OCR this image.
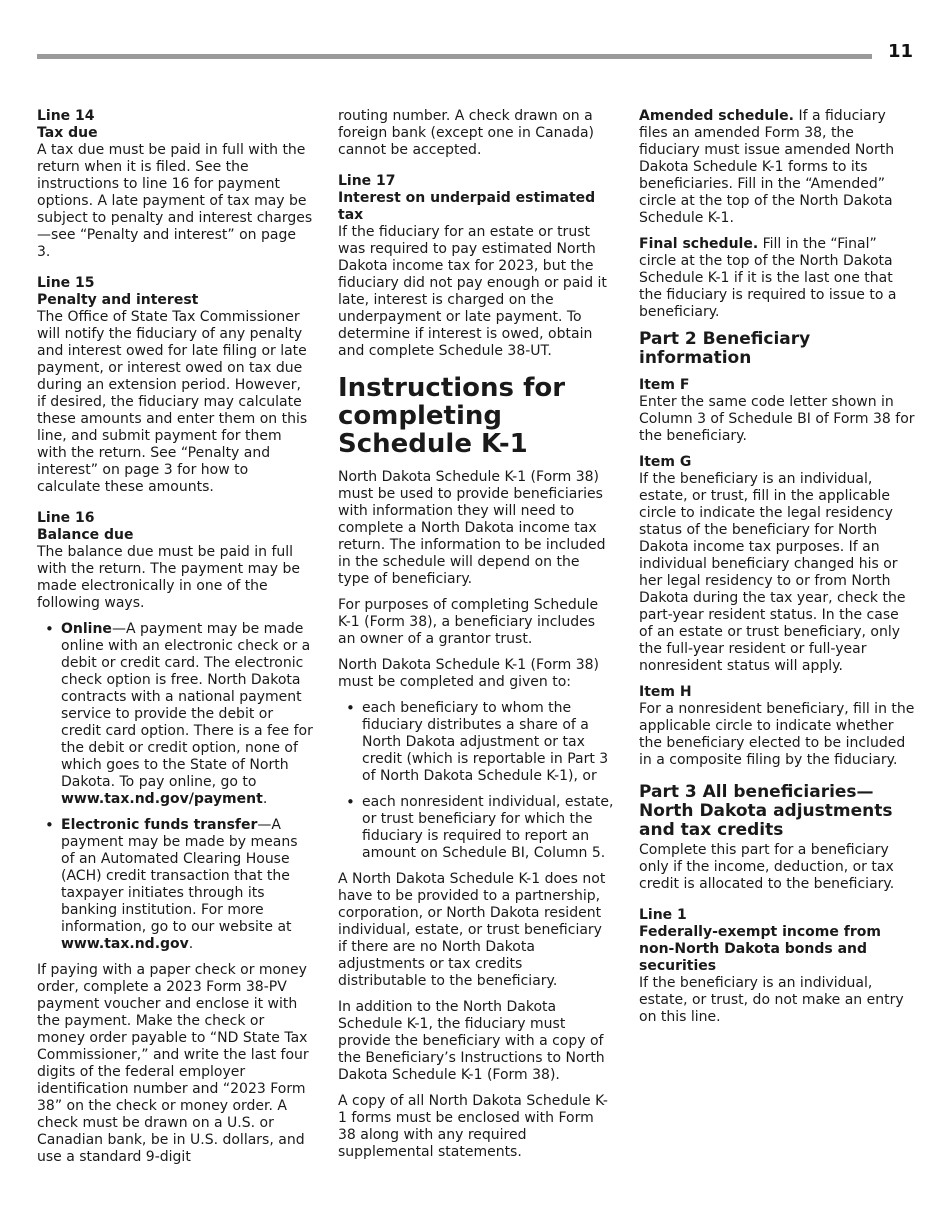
11
Line 14
Tax due
A tax due must be paid in full with the return when it is filed. See the instructions to line 16 for payment options. A late payment of tax may be subject to penalty and interest charges—see “Penalty and interest” on page 3.
Line 15
Penalty and interest
The Office of State Tax Commissioner will notify the fiduciary of any penalty and interest owed for late filing or late payment, or interest owed on tax due during an extension period. However, if desired, the fiduciary may calculate these amounts and enter them on this line, and submit payment for them with the return. See “Penalty and interest” on page 3 for how to calculate these amounts.
Line 16
Balance due

The balance due must be paid in full with the return. The payment may be made electronically in one of the following ways.

• Online—A payment may be made online with an electronic check or a debit or credit card. The electronic check option is free. North Dakota contracts with a national payment service to provide the debit or credit card option. There is a fee for the debit or credit option, none of which goes to the State of North Dakota. To pay online, go to www.tax.nd.gov/payment.
• Electronic funds transfer—A payment may be made by means of an Automated Clearing House (ACH) credit transaction that the taxpayer initiates through its banking institution. For more information, go to our website at www.tax.nd.gov.

If paying with a paper check or money order, complete a 2023 Form 38-PV payment voucher and enclose it with the payment. Make the check or money order payable to “ND State Tax Commissioner,” and write the last four digits of the federal employer identification number and “2023 Form 38” on the check or money order. A check must be drawn on a U.S. or Canadian bank, be in U.S. dollars, and use a standard 9-digit

routing number. A check drawn on a foreign bank (except one in Canada) cannot be accepted.

Line 17
Interest on underpaid estimated tax
If the fiduciary for an estate or trust was required to pay estimated North Dakota income tax for 2023, but the fiduciary did not pay enough or paid it late, interest is charged on the underpayment or late payment. To determine if interest is owed, obtain and complete Schedule 38-UT.
Instructions for completing Schedule K-1

North Dakota Schedule K-1 (Form 38) must be used to provide beneficiaries with information they will need to complete a North Dakota income tax return. The information to be included in the schedule will depend on the type of beneficiary.

For purposes of completing Schedule K-1 (Form 38), a beneficiary includes an owner of a grantor trust.

North Dakota Schedule K-1 (Form 38) must be completed and given to:

• each beneficiary to whom the fiduciary distributes a share of a North Dakota adjustment or tax credit (which is reportable in Part 3 of North Dakota Schedule K-1), or
• each nonresident individual, estate, or trust beneficiary for which the fiduciary is required to report an amount on Schedule BI, Column 5.

A North Dakota Schedule K-1 does not have to be provided to a partnership, corporation, or North Dakota resident individual, estate, or trust beneficiary if there are no North Dakota adjustments or tax credits distributable to the beneficiary.

In addition to the North Dakota Schedule K-1, the fiduciary must provide the beneficiary with a copy of the Beneficiary’s Instructions to North Dakota Schedule K-1 (Form 38).

A copy of all North Dakota Schedule K-1 forms must be enclosed with Form 38 along with any required supplemental statements.

Amended schedule. If a fiduciary files an amended Form 38, the fiduciary must issue amended North Dakota Schedule K-1 forms to its beneficiaries. Fill in the “Amended” circle at the top of the North Dakota Schedule K-1.

Final schedule. Fill in the “Final” circle at the top of the North Dakota Schedule K-1 if it is the last one that the fiduciary is required to issue to a beneficiary.

Part 2 Beneficiary information

Item F
Enter the same code letter shown in Column 3 of Schedule BI of Form 38 for the beneficiary.

Item G
If the beneficiary is an individual, estate, or trust, fill in the applicable circle to indicate the legal residency status of the beneficiary for North Dakota income tax purposes. If an individual beneficiary changed his or her legal residency to or from North Dakota during the tax year, check the part-year resident status. In the case of an estate or trust beneficiary, only the full-year resident or full-year nonresident status will apply.

Item H
For a nonresident beneficiary, fill in the applicable circle to indicate whether the beneficiary elected to be included in a composite filing by the fiduciary.

Part 3 All beneficiaries— North Dakota adjustments and tax credits

Complete this part for a beneficiary only if the income, deduction, or tax credit is allocated to the beneficiary.

Line 1
Federally-exempt income from non-North Dakota bonds and securities
If the beneficiary is an individual, estate, or trust, do not make an entry on this line.
